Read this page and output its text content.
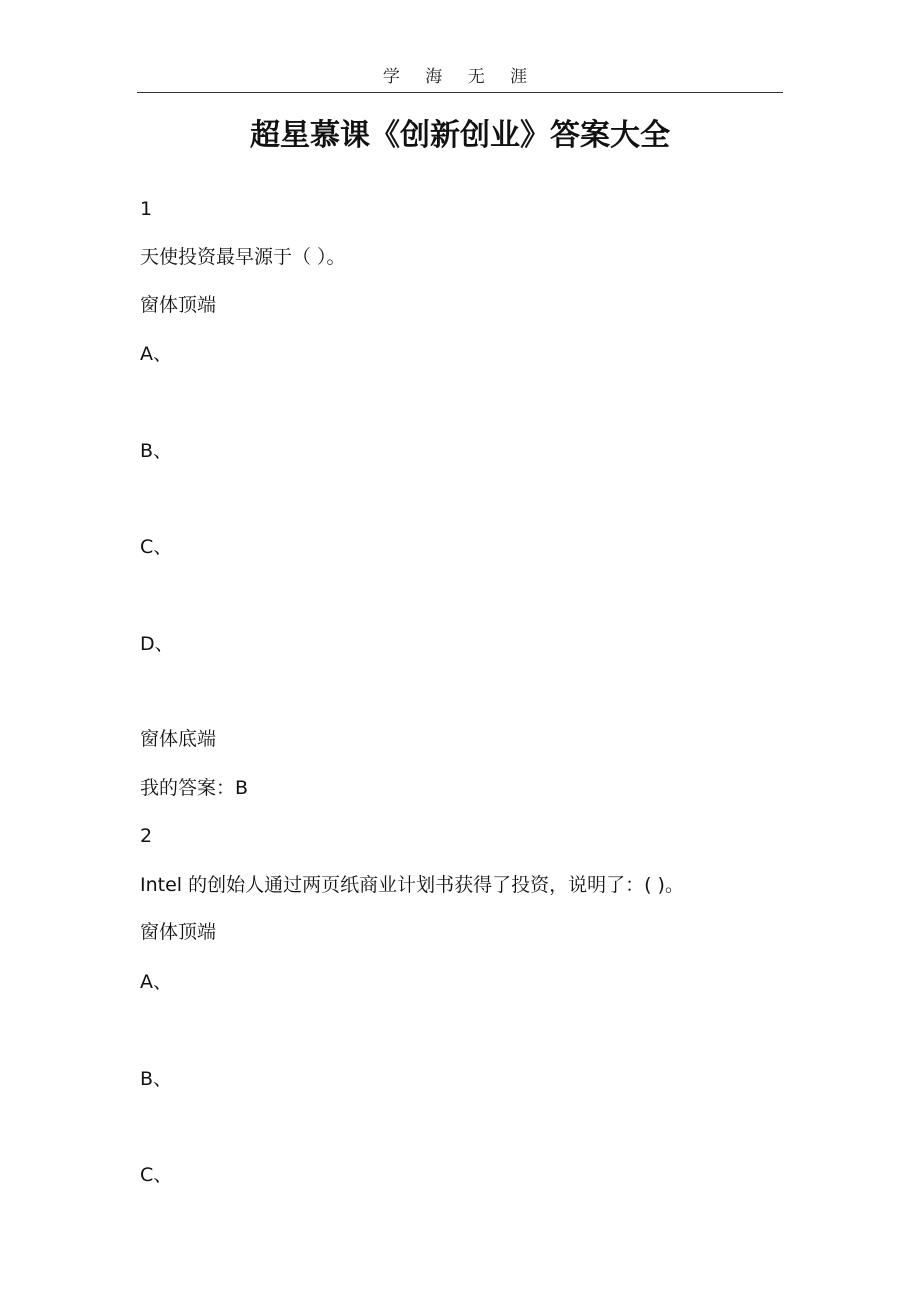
学 海 无 涯
超星慕课《创新创业》答案大全
1
天使投资最早源于（ ）。
窗体顶端
A、
B、
C、
D、
窗体底端
我的答案：B
2
Intel 的创始人通过两页纸商业计划书获得了投资，说明了：( )。
窗体顶端
A、
B、
C、
